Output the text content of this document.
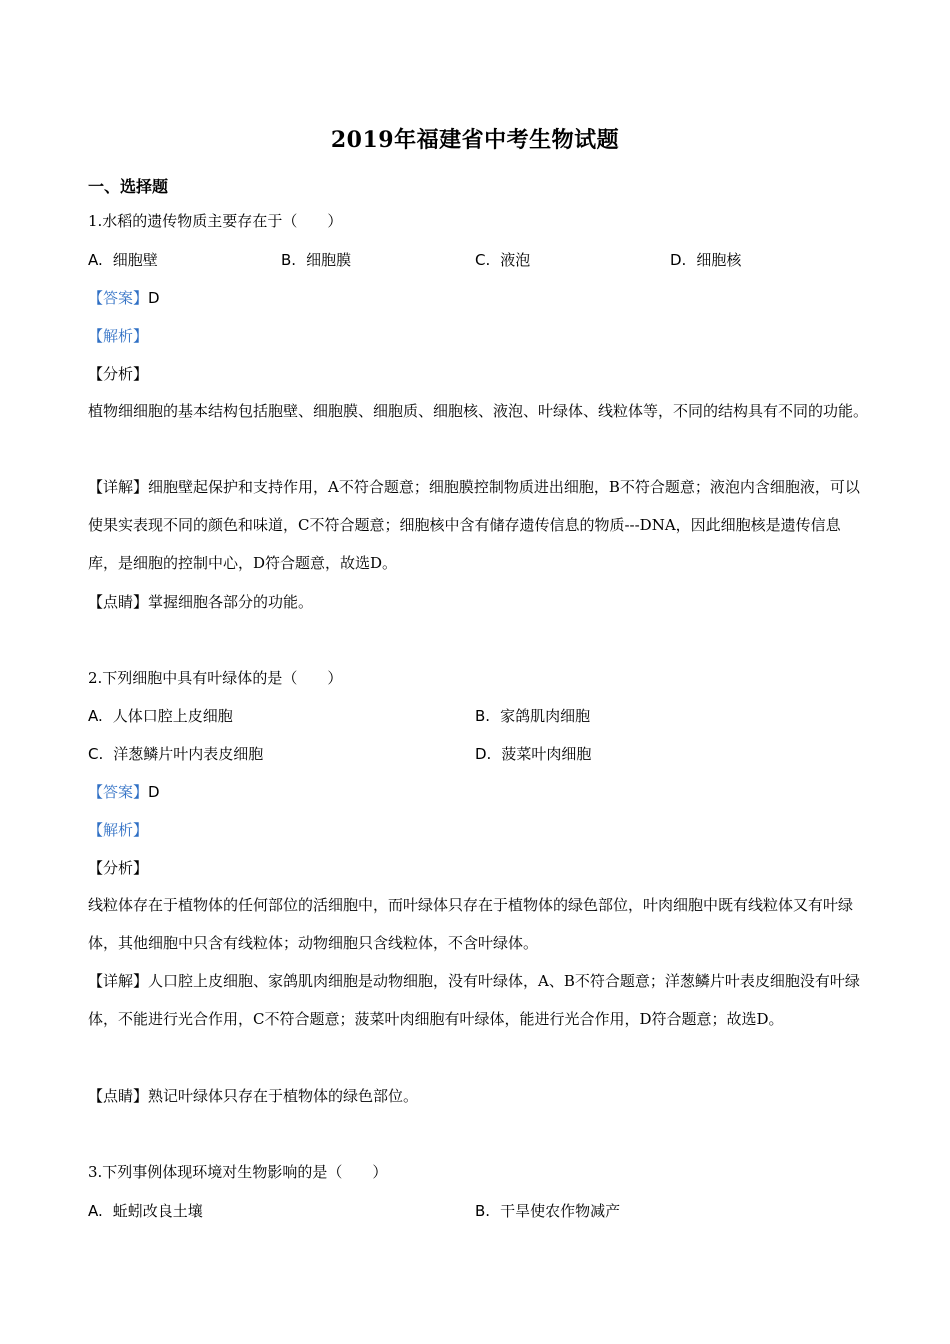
2019年福建省中考生物试题
一、选择题
1.水稻的遗传物质主要存在于（　　）
A. 细胞壁	B. 细胞膜	C. 液泡	D. 细胞核
【答案】D
【解析】
【分析】
植物细细胞的基本结构包括胞壁、细胞膜、细胞质、细胞核、液泡、叶绿体、线粒体等，不同的结构具有不同的功能。
【详解】细胞壁起保护和支持作用，A不符合题意；细胞膜控制物质进出细胞，B不符合题意；液泡内含细胞液，可以使果实表现不同的颜色和味道，C不符合题意；细胞核中含有储存遗传信息的物质---DNA，因此细胞核是遗传信息库，是细胞的控制中心，D符合题意，故选D。
【点睛】掌握细胞各部分的功能。
2.下列细胞中具有叶绿体的是（　　）
A. 人体口腔上皮细胞	B. 家鸽肌肉细胞
C. 洋葱鳞片叶内表皮细胞	D. 菠菜叶肉细胞
【答案】D
【解析】
【分析】
线粒体存在于植物体的任何部位的活细胞中，而叶绿体只存在于植物体的绿色部位，叶肉细胞中既有线粒体又有叶绿体，其他细胞中只含有线粒体；动物细胞只含线粒体，不含叶绿体。
【详解】人口腔上皮细胞、家鸽肌肉细胞是动物细胞，没有叶绿体，A、B不符合题意；洋葱鳞片叶表皮细胞没有叶绿体，不能进行光合作用，C不符合题意；菠菜叶肉细胞有叶绿体，能进行光合作用，D符合题意；故选D。
【点睛】熟记叶绿体只存在于植物体的绿色部位。
3.下列事例体现环境对生物影响的是（　　）
A. 蚯蚓改良土壤	B. 干旱使农作物减产
